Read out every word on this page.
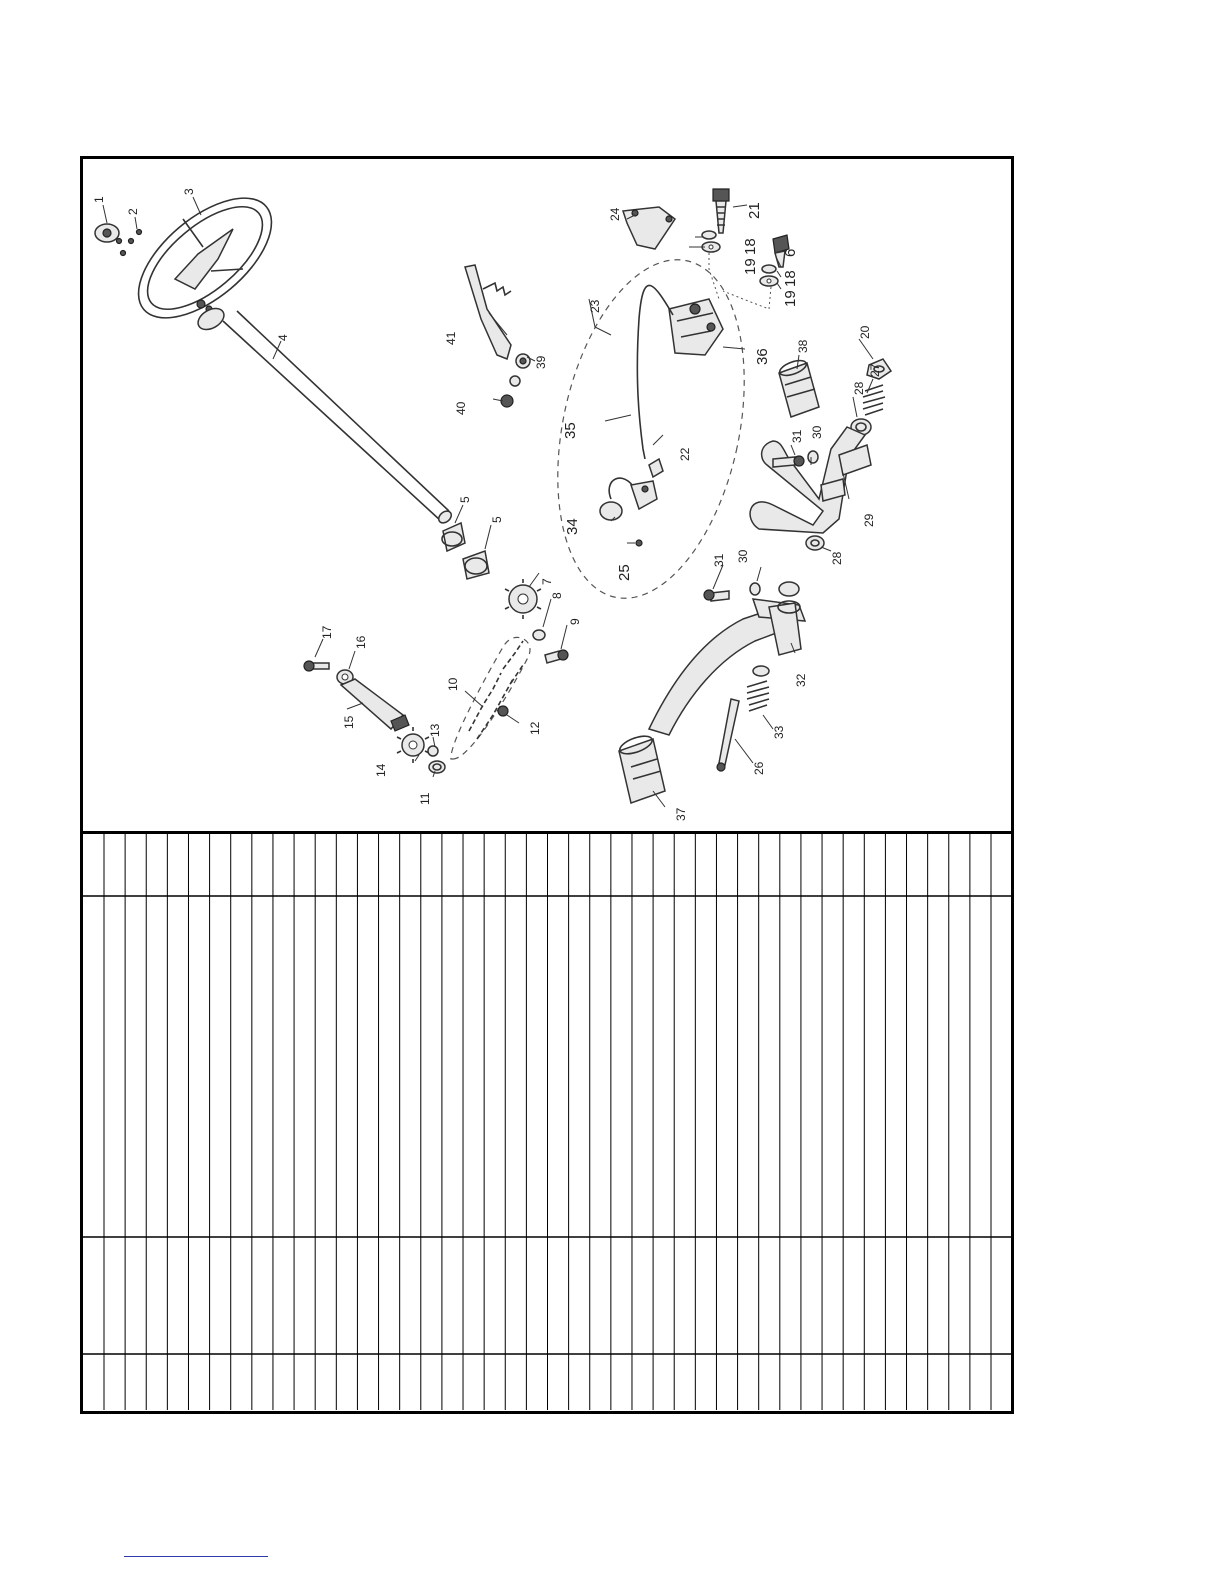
1
2
3
4
5
5
6
7
8
9
10
11
12
13
14
15
16
17
18
18
19
19
20
21
22
23
24
25
26
27
28
28
29
30
30
31
31
32
33
34
35
36
37
38
39
40
41
